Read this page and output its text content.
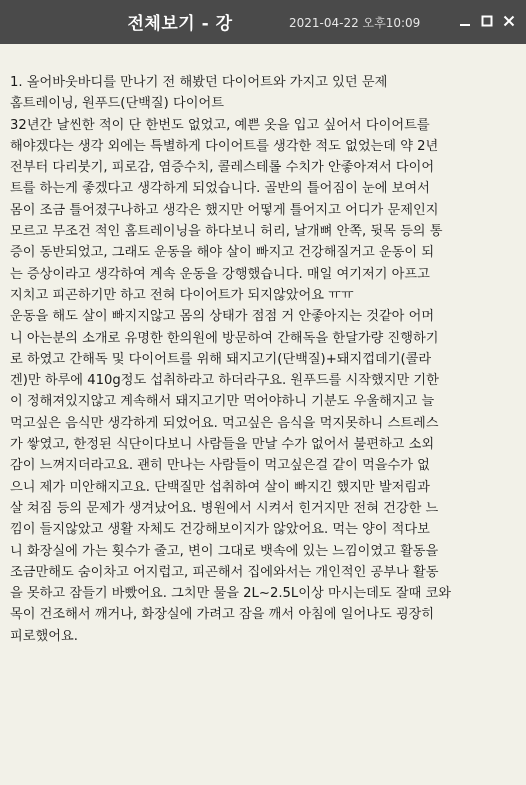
전체보기 - 강	2021-04-22 오후10:09
1. 올어바웃바디를 만나기 전 해봤던 다이어트와 가지고 있던 문제
홈트레이닝, 원푸드(단백질) 다이어트
32년간 날씬한 적이 단 한번도 없었고, 예쁜 옷을 입고 싶어서 다이어트를
해야겠다는 생각 외에는 특별하게 다이어트를 생각한 적도 없었는데 약 2년
전부터 다리붓기, 피로감, 염증수치, 콜레스테롤 수치가 안좋아져서 다이어
트를 하는게 좋겠다고 생각하게 되었습니다. 골반의 틀어짐이 눈에 보여서
몸이 조금 틀어졌구나하고 생각은 했지만 어떻게 틀어지고 어디가 문제인지
모르고 무조건 적인 홈트레이닝을 하다보니 허리, 날개뼈 안쪽, 뒷목 등의 통
증이 동반되었고, 그래도 운동을 해야 살이 빠지고 건강해질거고 운동이 되
는 증상이라고 생각하여 계속 운동을 강행했습니다. 매일 여기저기 아프고
지치고 피곤하기만 하고 전혀 다이어트가 되지않았어요 ㅠㅠ
운동을 해도 살이 빠지지않고 몸의 상태가 점점 거 안좋아지는 것같아 어머
니 아는분의 소개로 유명한 한의원에 방문하여 간해독을 한달가량 진행하기
로 하였고 간해독 및 다이어트를 위해 돼지고기(단백질)+돼지껍데기(콜라
겐)만 하루에 410g정도 섭취하라고 하더라구요. 원푸드를 시작했지만 기한
이 정해져있지않고 계속해서 돼지고기만 먹어야하니 기분도 우울해지고 늘
먹고싶은 음식만 생각하게 되었어요. 먹고싶은 음식을 먹지못하니 스트레스
가 쌓였고, 한정된 식단이다보니 사람들을 만날 수가 없어서 불편하고 소외
감이 느껴지더라고요. 괜히 만나는 사람들이 먹고싶은걸 같이 먹을수가 없
으니 제가 미안해지고요. 단백질만 섭취하여 살이 빠지긴 했지만 발저림과
살 쳐짐 등의 문제가 생겨났어요. 병원에서 시켜서 힌거지만 전혀 건강한 느
낌이 들지않았고 생활 자체도 건강해보이지가 않았어요. 먹는 양이 적다보
니 화장실에 가는 횟수가 줄고, 변이 그대로 뱃속에 있는 느낌이였고 활동을
조금만해도 숨이차고 어지럽고, 피곤해서 집에와서는 개인적인 공부나 활동
을 못하고 잠들기 바빴어요. 그치만 물을 2L~2.5L이상 마시는데도 잘때 코와
목이 건조해서 깨거나, 화장실에 가려고 잠을 깨서 아침에 일어나도 굉장히
피로했어요.
